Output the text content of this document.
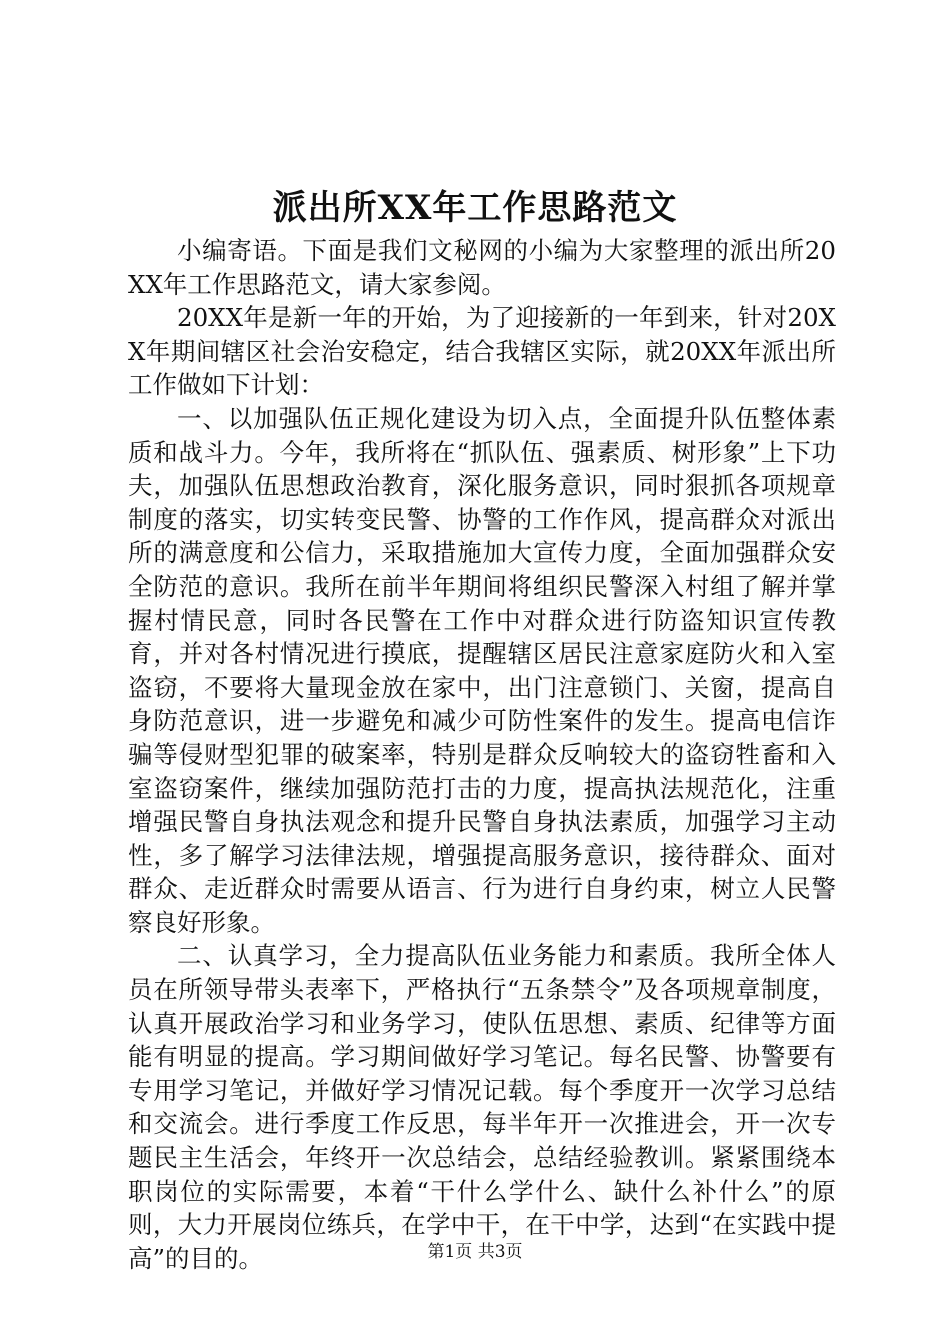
派出所XX年工作思路范文

小编寄语。下面是我们文秘网的小编为大家整理的派出所20XX年工作思路范文，请大家参阅。

20XX年是新一年的开始，为了迎接新的一年到来，针对20XX年期间辖区社会治安稳定，结合我辖区实际，就20XX年派出所工作做如下计划：

一、以加强队伍正规化建设为切入点，全面提升队伍整体素质和战斗力。今年，我所将在“抓队伍、强素质、树形象”上下功夫，加强队伍思想政治教育，深化服务意识，同时狠抓各项规章制度的落实，切实转变民警、协警的工作作风，提高群众对派出所的满意度和公信力，采取措施加大宣传力度，全面加强群众安全防范的意识。我所在前半年期间将组织民警深入村组了解并掌握村情民意，同时各民警在工作中对群众进行防盗知识宣传教育，并对各村情况进行摸底，提醒辖区居民注意家庭防火和入室盗窃，不要将大量现金放在家中，出门注意锁门、关窗，提高自身防范意识，进一步避免和减少可防性案件的发生。提高电信诈骗等侵财型犯罪的破案率，特别是群众反响较大的盗窃牲畜和入室盗窃案件，继续加强防范打击的力度，提高执法规范化，注重增强民警自身执法观念和提升民警自身执法素质，加强学习主动性，多了解学习法律法规，增强提高服务意识，接待群众、面对群众、走近群众时需要从语言、行为进行自身约束，树立人民警察良好形象。

二、认真学习，全力提高队伍业务能力和素质。我所全体人员在所领导带头表率下，严格执行“五条禁令”及各项规章制度，认真开展政治学习和业务学习，使队伍思想、素质、纪律等方面能有明显的提高。学习期间做好学习笔记。每名民警、协警要有专用学习笔记，并做好学习情况记载。每个季度开一次学习总结和交流会。进行季度工作反思，每半年开一次推进会，开一次专题民主生活会，年终开一次总结会，总结经验教训。紧紧围绕本职岗位的实际需要，本着“干什么学什么、缺什么补什么”的原则，大力开展岗位练兵，在学中干，在干中学，达到“在实践中提高”的目的。	第1页 共3页
